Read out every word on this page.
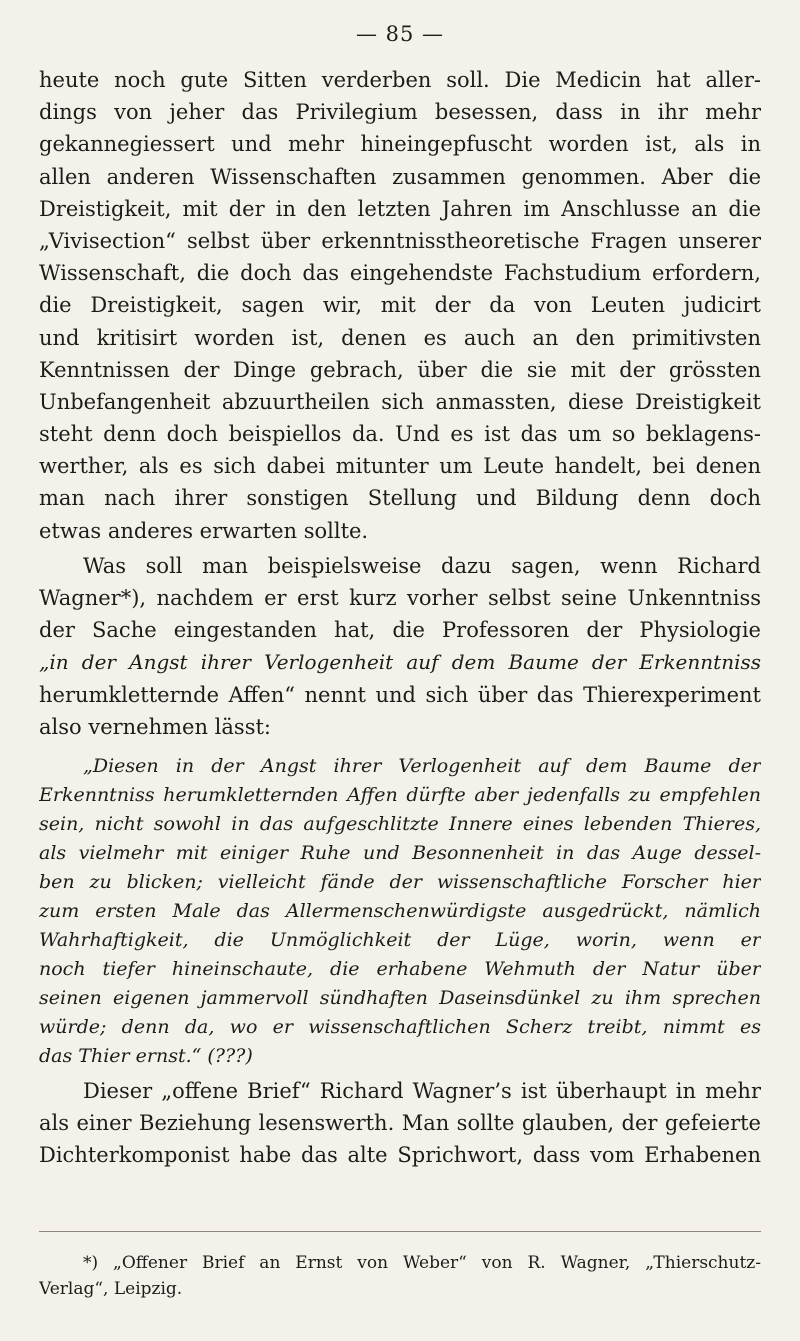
— 85 —
heute noch gute Sitten verderben soll. Die Medicin hat aller-
dings von jeher das Privilegium besessen, dass in ihr mehr
gekannegiessert und mehr hineingepfuscht worden ist, als in
allen anderen Wissenschaften zusammen genommen. Aber die
Dreistigkeit, mit der in den letzten Jahren im Anschlusse an die
„Vivisection“ selbst über erkenntnisstheoretische Fragen unserer
Wissenschaft, die doch das eingehendste Fachstudium erfordern,
die Dreistigkeit, sagen wir, mit der da von Leuten judicirt
und kritisirt worden ist, denen es auch an den primitivsten
Kenntnissen der Dinge gebrach, über die sie mit der grössten
Unbefangenheit abzuurtheilen sich anmassten, diese Dreistigkeit
steht denn doch beispiellos da. Und es ist das um so beklagens-
werther, als es sich dabei mitunter um Leute handelt, bei denen
man nach ihrer sonstigen Stellung und Bildung denn doch
etwas anderes erwarten sollte.
Was soll man beispielsweise dazu sagen, wenn Richard
Wagner*), nachdem er erst kurz vorher selbst seine Unkenntniss
der Sache eingestanden hat, die Professoren der Physiologie
„in der Angst ihrer Verlogenheit auf dem Baume der Erkenntniss
herumkletternde Affen“ nennt und sich über das Thierexperiment
also vernehmen lässt:
„Diesen in der Angst ihrer Verlogenheit auf dem Baume der
Erkenntniss herumkletternden Affen dürfte aber jedenfalls zu empfehlen
sein, nicht sowohl in das aufgeschlitzte Innere eines lebenden Thieres,
als vielmehr mit einiger Ruhe und Besonnenheit in das Auge dessel-
ben zu blicken; vielleicht fände der wissenschaftliche Forscher hier
zum ersten Male das Allermenschenwürdigste ausgedrückt, nämlich
Wahrhaftigkeit, die Unmöglichkeit der Lüge, worin, wenn er
noch tiefer hineinschaute, die erhabene Wehmuth der Natur über
seinen eigenen jammervoll sündhaften Daseinsdünkel zu ihm sprechen
würde; denn da, wo er wissenschaftlichen Scherz treibt, nimmt es
das Thier ernst.“ (???)
Dieser „offene Brief“ Richard Wagner’s ist überhaupt in mehr
als einer Beziehung lesenswerth. Man sollte glauben, der gefeierte
Dichterkomponist habe das alte Sprichwort, dass vom Erhabenen
*) „Offener Brief an Ernst von Weber“ von R. Wagner, „Thierschutz-
Verlag“, Leipzig.
